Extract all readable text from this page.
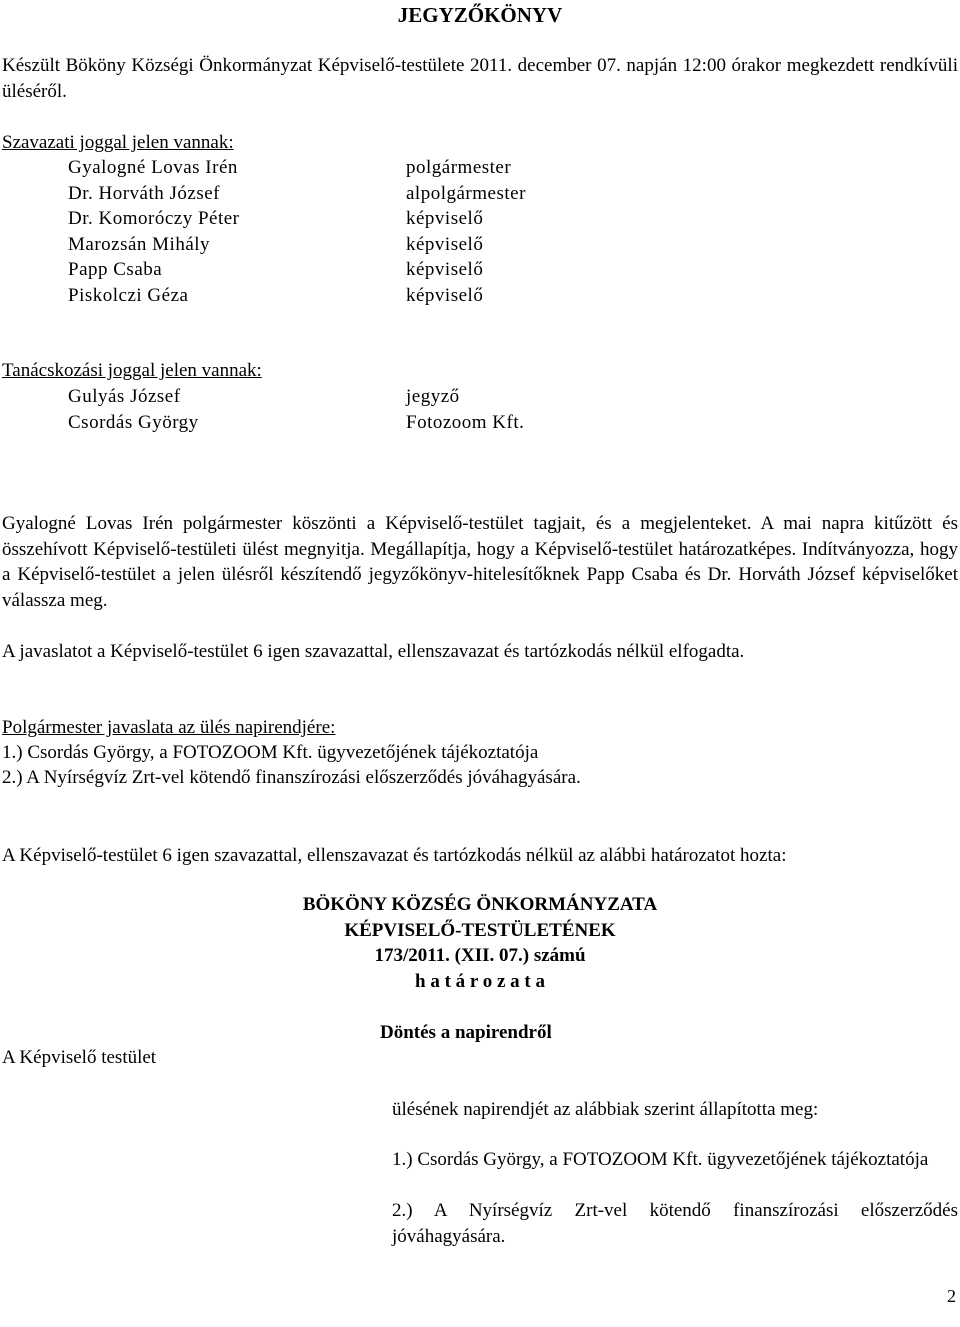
JEGYZŐKÖNYV
Készült Bököny Községi Önkormányzat Képviselő-testülete 2011. december 07. napján 12:00 órakor megkezdett rendkívüli üléséről.
Szavazati joggal jelen vannak:
Gyalogné Lovas Irén	polgármester
Dr. Horváth József	alpolgármester
Dr. Komoróczy Péter	képviselő
Marozsán Mihály	képviselő
Papp Csaba	képviselő
Piskolczi Géza	képviselő
Tanácskozási joggal jelen vannak:
Gulyás József	jegyző
Csordás György	Fotozoom Kft.
Gyalogné Lovas Irén polgármester köszönti a Képviselő-testület tagjait, és a megjelenteket. A mai napra kitűzött és összehívott Képviselő-testületi ülést megnyitja. Megállapítja, hogy a Képviselő-testület határozatképes. Indítványozza, hogy a Képviselő-testület a jelen ülésről készítendő jegyzőkönyv-hitelesítőknek Papp Csaba és Dr. Horváth József képviselőket válassza meg.
A javaslatot a Képviselő-testület 6 igen szavazattal, ellenszavazat és tartózkodás nélkül elfogadta.
Polgármester javaslata az ülés napirendjére:
1.) Csordás György, a FOTOZOOM Kft. ügyvezetőjének tájékoztatója
2.) A Nyírségvíz Zrt-vel kötendő finanszírozási előszerződés jóváhagyására.
A Képviselő-testület 6 igen szavazattal, ellenszavazat és tartózkodás nélkül az alábbi határozatot hozta:
BÖKÖNY KÖZSÉG ÖNKORMÁNYZATA
KÉPVISELŐ-TESTÜLETÉNEK
173/2011. (XII. 07.) számú
h a t á r o z a t a
Döntés a napirendről
A Képviselő testület
ülésének napirendjét az alábbiak szerint állapította meg:
1.) Csordás György, a FOTOZOOM Kft. ügyvezetőjének tájékoztatója
2.) A Nyírségvíz Zrt-vel kötendő finanszírozási előszerződés jóváhagyására.
2
